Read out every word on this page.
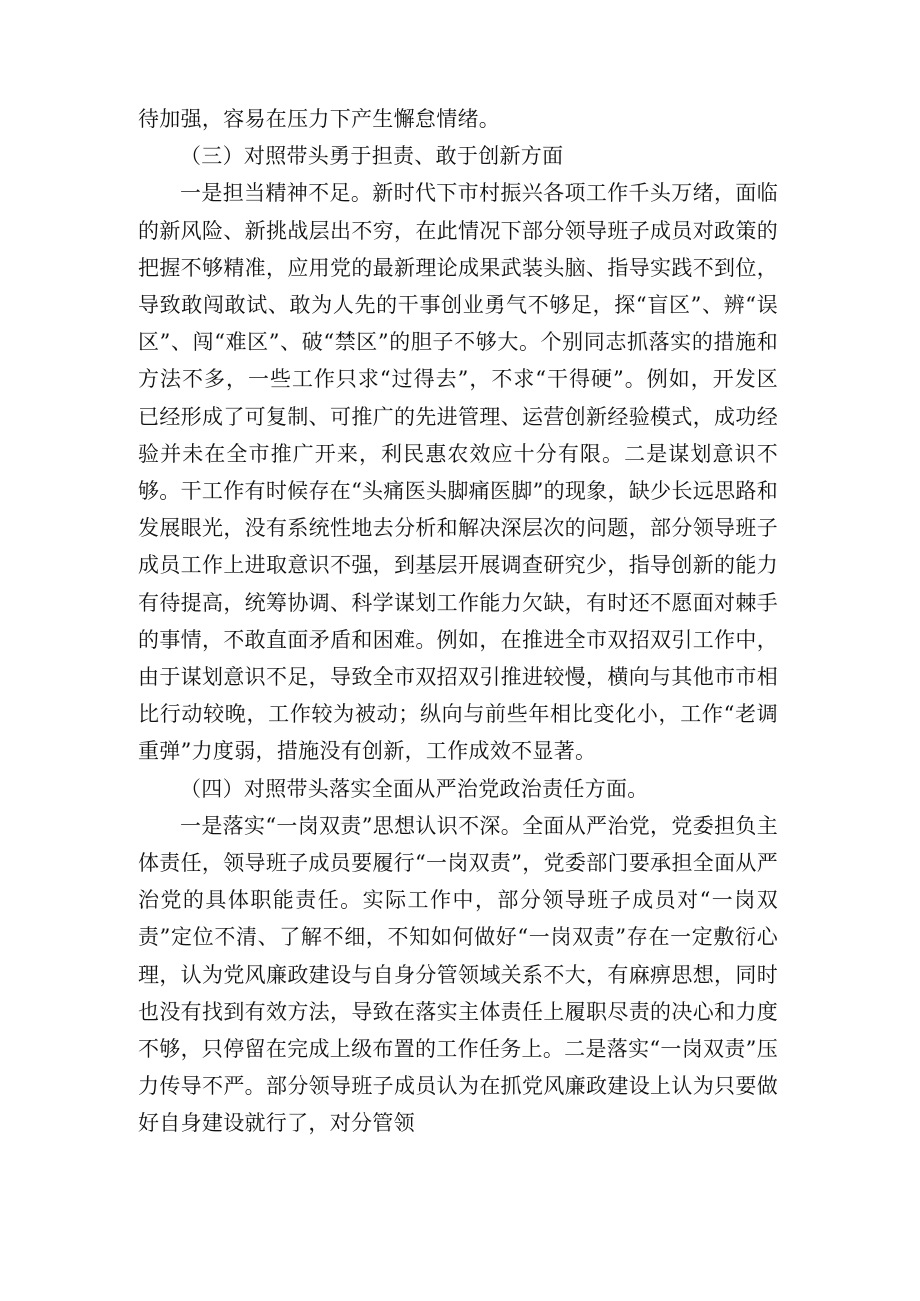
待加强，容易在压力下产生懈怠情绪。

（三）对照带头勇于担责、敢于创新方面

一是担当精神不足。新时代下市村振兴各项工作千头万绪，面临的新风险、新挑战层出不穷，在此情况下部分领导班子成员对政策的把握不够精准，应用党的最新理论成果武装头脑、指导实践不到位，导致敢闯敢试、敢为人先的干事创业勇气不够足，探“盲区”、辨“误区”、闯“难区”、破“禁区”的胆子不够大。个别同志抓落实的措施和方法不多，一些工作只求“过得去”，不求“干得硬”。例如，开发区已经形成了可复制、可推广的先进管理、运营创新经验模式，成功经验并未在全市推广开来，利民惠农效应十分有限。二是谋划意识不够。干工作有时候存在“头痛医头脚痛医脚”的现象，缺少长远思路和发展眼光，没有系统性地去分析和解决深层次的问题，部分领导班子成员工作上进取意识不强，到基层开展调查研究少，指导创新的能力有待提高，统筹协调、科学谋划工作能力欠缺，有时还不愿面对棘手的事情，不敢直面矛盾和困难。例如，在推进全市双招双引工作中，由于谋划意识不足，导致全市双招双引推进较慢，横向与其他市市相比行动较晚，工作较为被动；纵向与前些年相比变化小，工作“老调重弹”力度弱，措施没有创新，工作成效不显著。

（四）对照带头落实全面从严治党政治责任方面。

一是落实“一岗双责”思想认识不深。全面从严治党，党委担负主体责任，领导班子成员要履行“一岗双责”，党委部门要承担全面从严治党的具体职能责任。实际工作中，部分领导班子成员对“一岗双责”定位不清、了解不细，不知如何做好“一岗双责”存在一定敷衍心理，认为党风廉政建设与自身分管领域关系不大，有麻痹思想，同时也没有找到有效方法，导致在落实主体责任上履职尽责的决心和力度不够，只停留在完成上级布置的工作任务上。二是落实“一岗双责”压力传导不严。部分领导班子成员认为在抓党风廉政建设上认为只要做好自身建设就行了，对分管领
